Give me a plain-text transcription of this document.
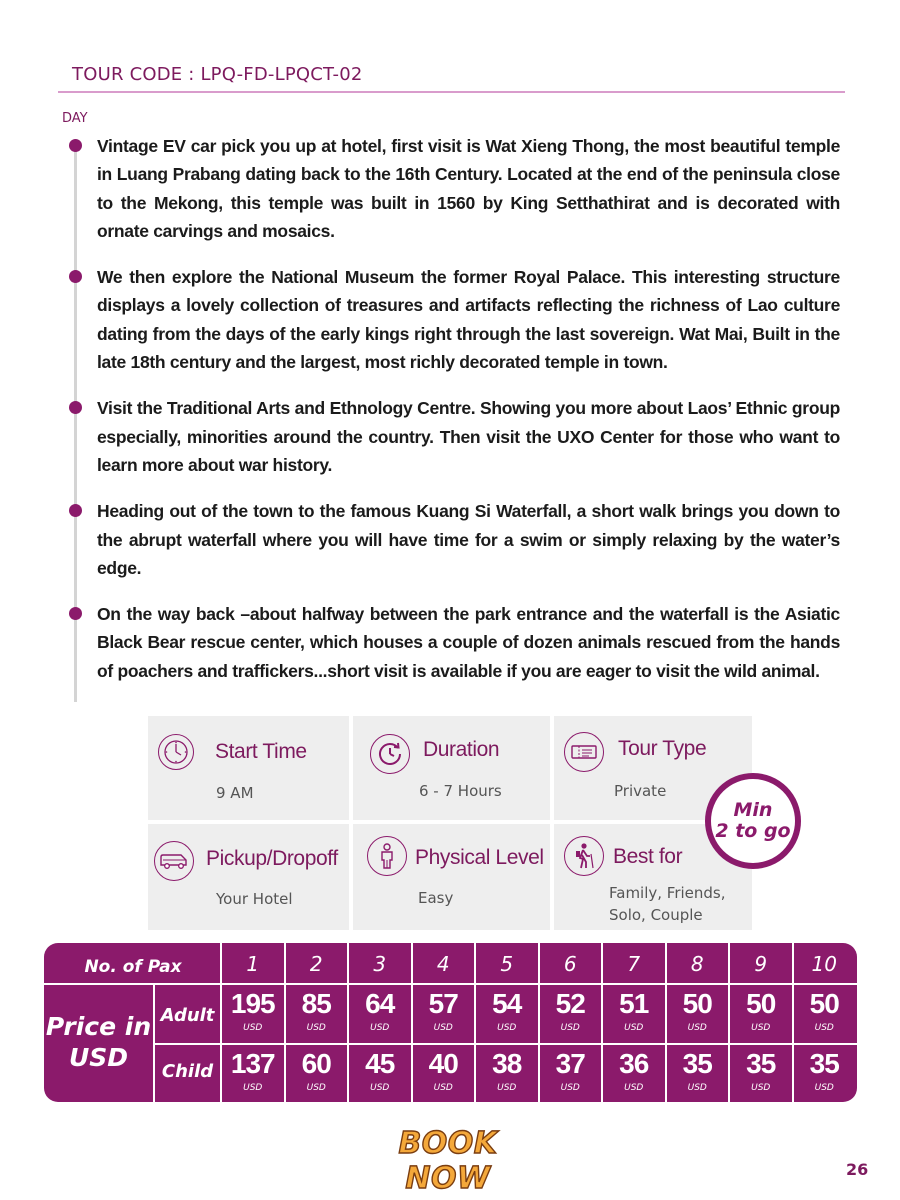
TOUR CODE : LPQ-FD-LPQCT-02
DAY
Vintage EV car pick you up at hotel, first visit is Wat Xieng Thong, the most beautiful temple in Luang Prabang dating back to the 16th Century. Located at the end of the peninsula close to the Mekong, this temple was built in 1560 by King Setthathirat and is decorated with ornate carvings and mosaics.
We then explore the National Museum the former Royal Palace. This interesting structure displays a lovely collection of treasures and artifacts reflecting the richness of Lao culture dating from the days of the early kings right through the last sovereign. Wat Mai, Built in the late 18th century and the largest, most richly decorated temple in town.
Visit the Traditional Arts and Ethnology Centre. Showing you more about Laos’ Ethnic group especially, minorities around the country. Then visit the UXO Center for those who want to learn more about war history.
Heading out of the town to the famous Kuang Si Waterfall, a short walk brings you down to the abrupt waterfall where you will have time for a swim or simply relaxing by the water’s edge.
On the way back –about halfway between the park entrance and the waterfall is the Asiatic Black Bear rescue center, which houses a couple of dozen animals rescued from the hands of poachers and traffickers...short visit is available if you are eager to visit the wild animal.
Start Time
9 AM
Duration
6 - 7 Hours
Tour Type
Private
Pickup/Dropoff
Your Hotel
Physical Level
Easy
Best for
Family, Friends,
Solo, Couple
Min
2 to go
No. of Pax
Price in
USD
Adult
Child
1
195
USD
137
USD
2
85
USD
60
USD
3
64
USD
45
USD
4
57
USD
40
USD
5
54
USD
38
USD
6
52
USD
37
USD
7
51
USD
36
USD
8
50
USD
35
USD
9
50
USD
35
USD
10
50
USD
35
USD
BOOK NOW	26
